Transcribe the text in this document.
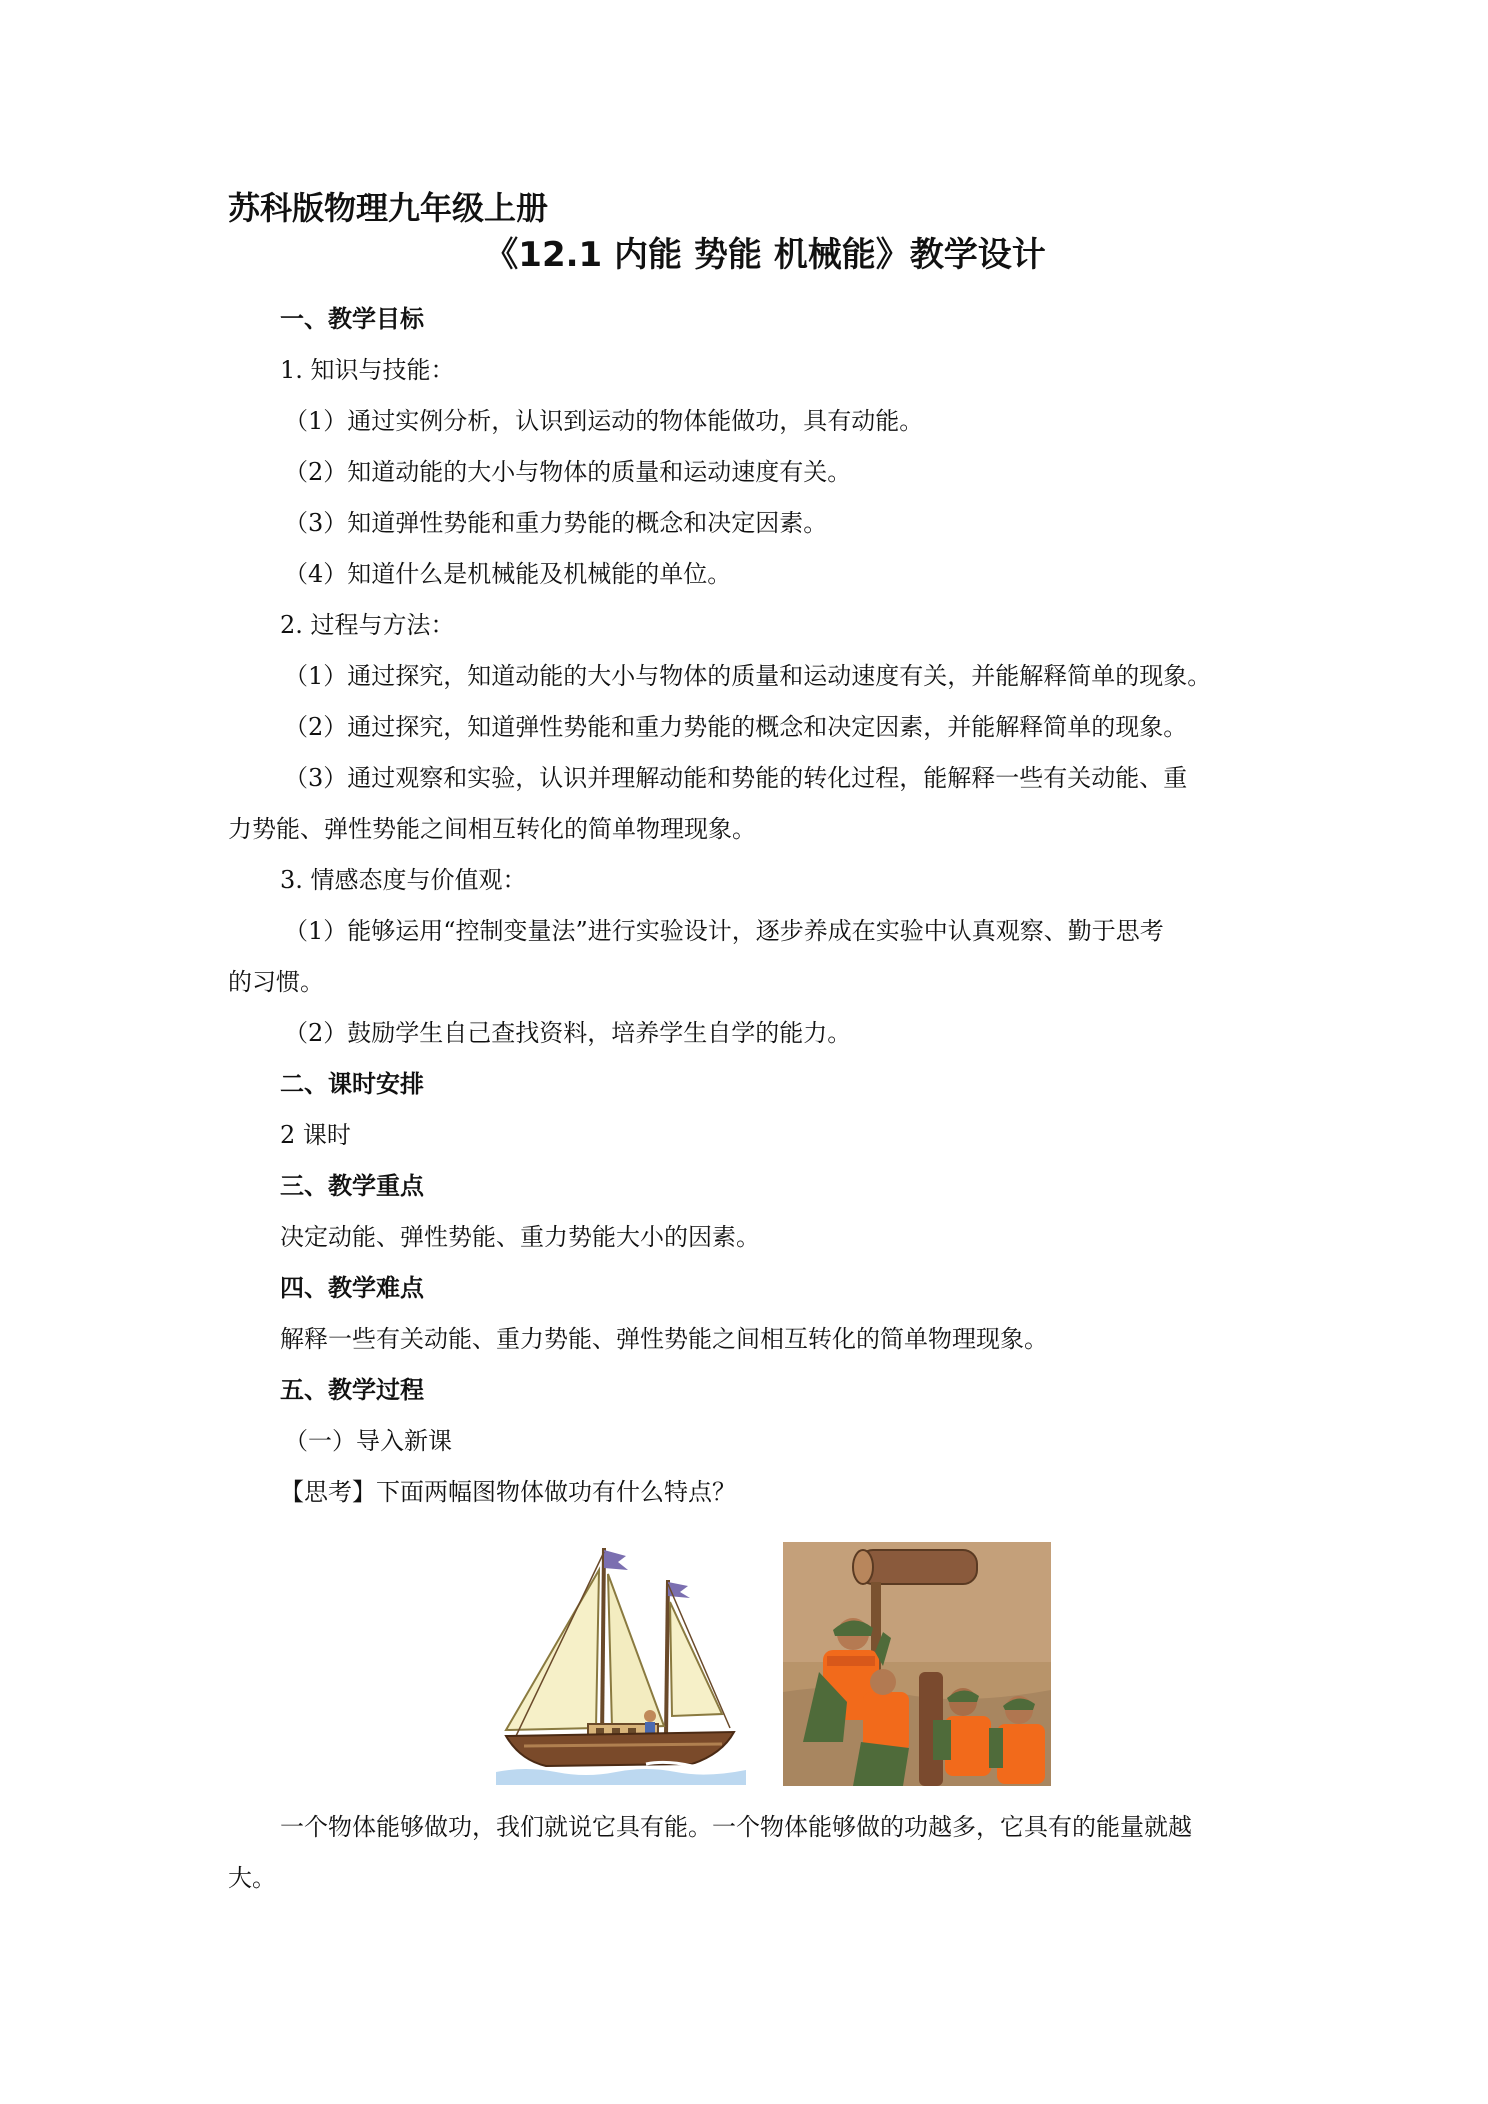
苏科版物理九年级上册
《12.1 内能 势能 机械能》教学设计
一、教学目标
1. 知识与技能：
（1）通过实例分析，认识到运动的物体能做功，具有动能。
（2）知道动能的大小与物体的质量和运动速度有关。
（3）知道弹性势能和重力势能的概念和决定因素。
（4）知道什么是机械能及机械能的单位。
2. 过程与方法：
（1）通过探究，知道动能的大小与物体的质量和运动速度有关，并能解释简单的现象。
（2）通过探究，知道弹性势能和重力势能的概念和决定因素，并能解释简单的现象。
（3）通过观察和实验，认识并理解动能和势能的转化过程，能解释一些有关动能、重
力势能、弹性势能之间相互转化的简单物理现象。
3. 情感态度与价值观：
（1）能够运用“控制变量法”进行实验设计，逐步养成在实验中认真观察、勤于思考
的习惯。
（2）鼓励学生自己查找资料，培养学生自学的能力。
二、课时安排
2 课时
三、教学重点
决定动能、弹性势能、重力势能大小的因素。
四、教学难点
解释一些有关动能、重力势能、弹性势能之间相互转化的简单物理现象。
五、教学过程
（一）导入新课
【思考】下面两幅图物体做功有什么特点？
一个物体能够做功，我们就说它具有能。一个物体能够做的功越多，它具有的能量就越
大。
